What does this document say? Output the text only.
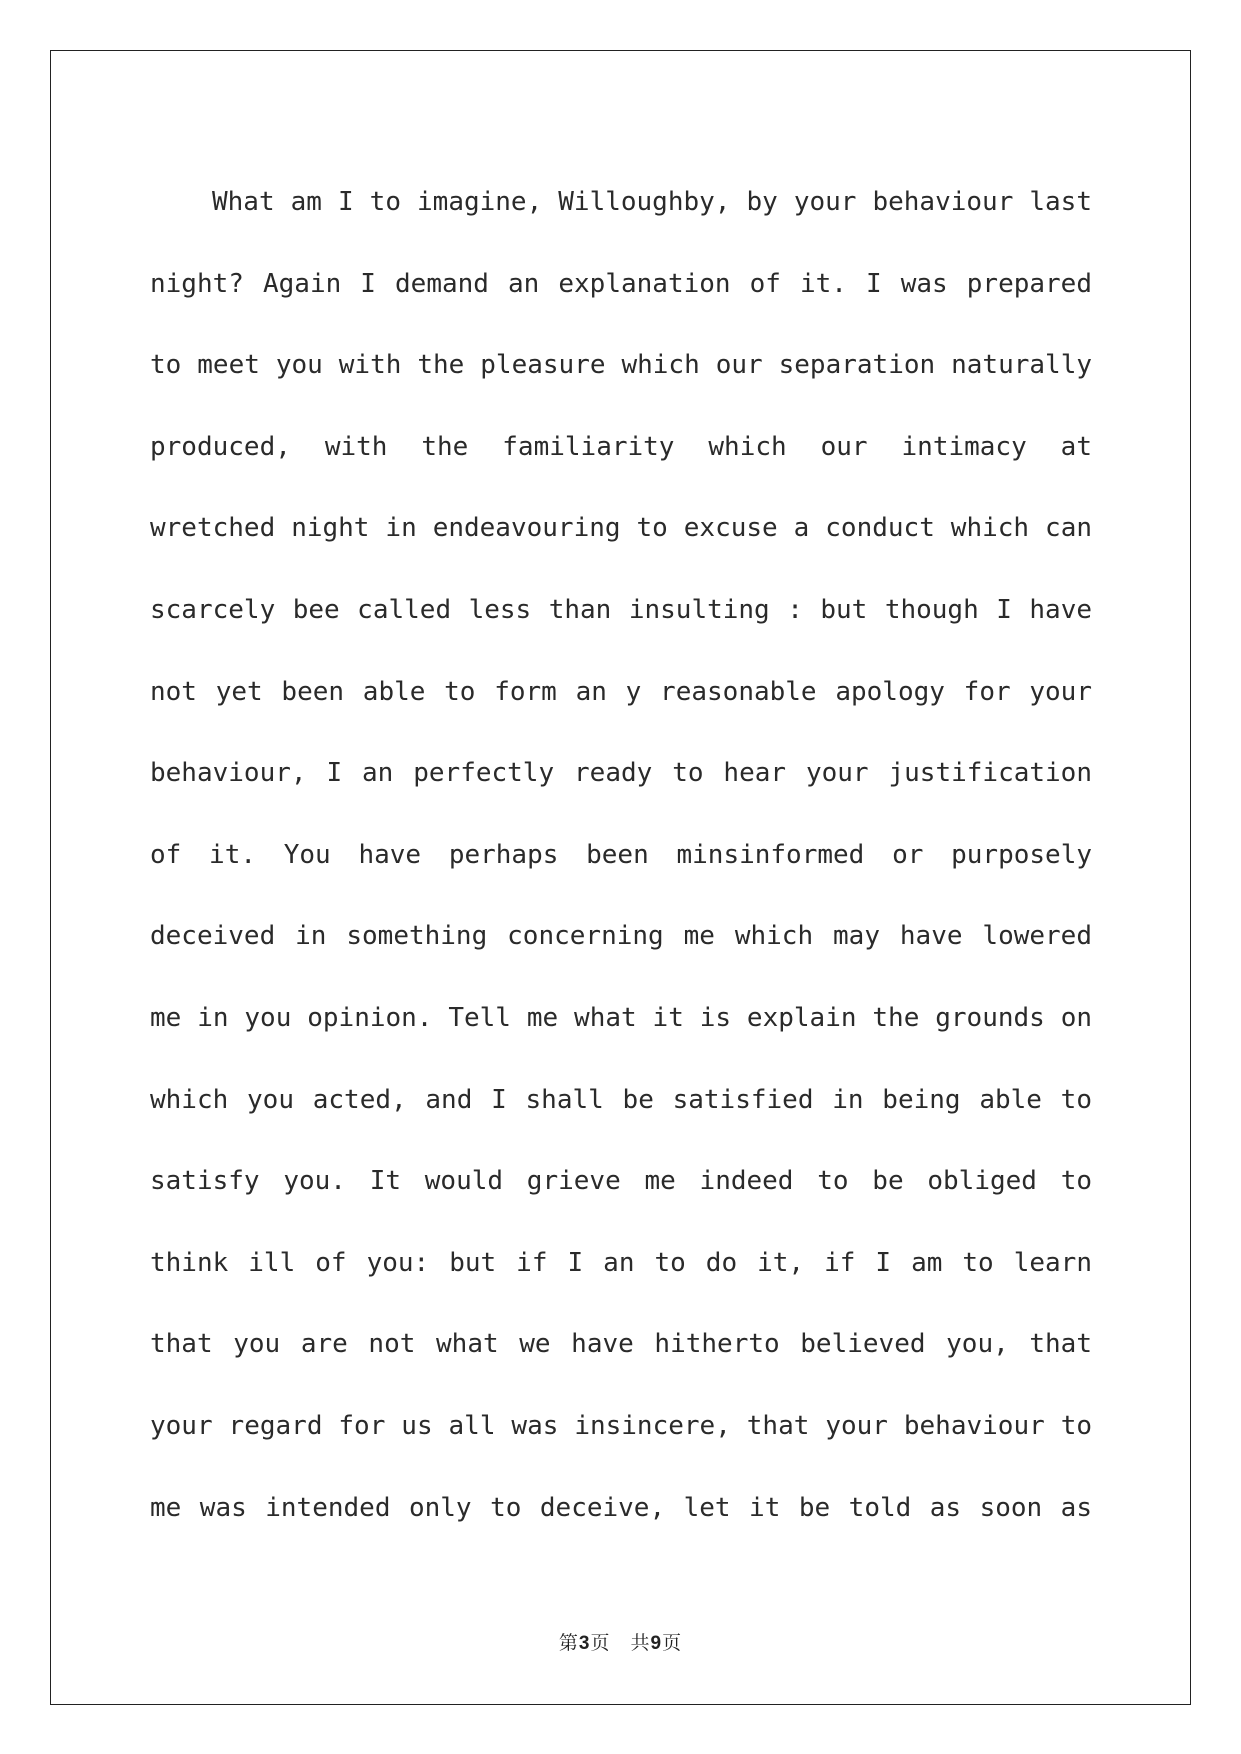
What am I to imagine, Willoughby, by your behaviour last
night? Again I demand an explanation of it. I was prepared
to meet you with the pleasure which our separation naturally
produced, with the familiarity which our intimacy at
wretched night in endeavouring to excuse a conduct which can
scarcely bee called less than insulting : but though I have
not yet been able to form an y reasonable apology for your
behaviour, I an perfectly ready to hear your justification
of it. You have perhaps been minsinformed or purposely
deceived in something concerning me which may have lowered
me in you opinion. Tell me what it is explain the grounds on
which you acted, and I shall be satisfied in being able to
satisfy you. It would grieve me indeed to be obliged to
think ill of you: but if I an to do it, if I am to learn
that you are not what we have hitherto believed you, that
your regard for us all was insincere, that your behaviour to
me was intended only to deceive, let it be told as soon as
第3页 共9页
